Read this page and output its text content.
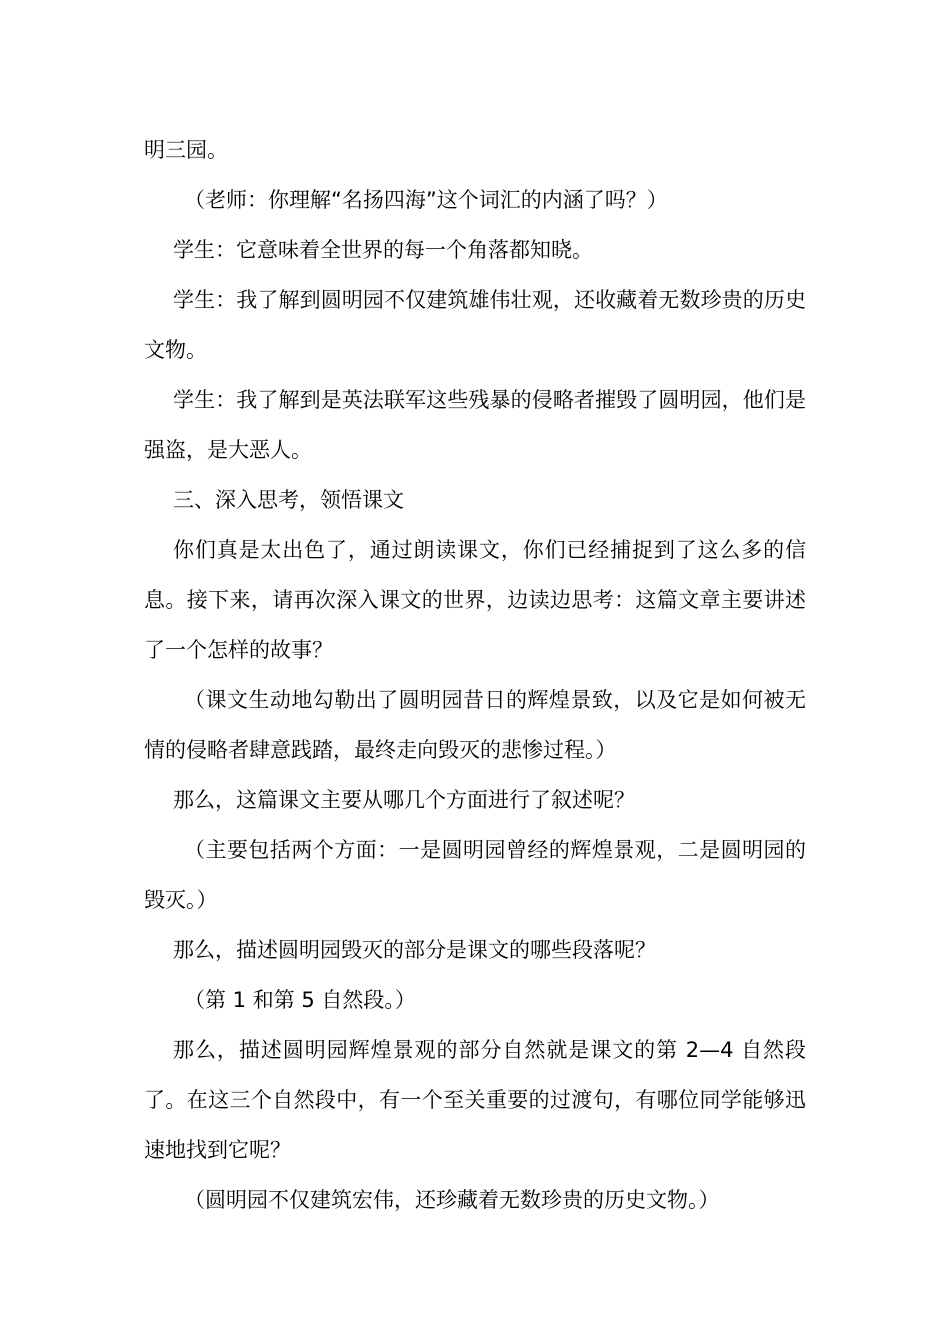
明三园。

（老师：你理解“名扬四海”这个词汇的内涵了吗？）

学生：它意味着全世界的每一个角落都知晓。

学生：我了解到圆明园不仅建筑雄伟壮观，还收藏着无数珍贵的历史文物。

学生：我了解到是英法联军这些残暴的侵略者摧毁了圆明园，他们是强盗，是大恶人。

三、深入思考，领悟课文

你们真是太出色了，通过朗读课文，你们已经捕捉到了这么多的信息。接下来，请再次深入课文的世界，边读边思考：这篇文章主要讲述了一个怎样的故事？

（课文生动地勾勒出了圆明园昔日的辉煌景致，以及它是如何被无情的侵略者肆意践踏，最终走向毁灭的悲惨过程。）

那么，这篇课文主要从哪几个方面进行了叙述呢？

（主要包括两个方面：一是圆明园曾经的辉煌景观，二是圆明园的毁灭。）

那么，描述圆明园毁灭的部分是课文的哪些段落呢？

（第 1 和第 5 自然段。）

那么，描述圆明园辉煌景观的部分自然就是课文的第 2—4 自然段了。在这三个自然段中，有一个至关重要的过渡句，有哪位同学能够迅速地找到它呢？

（圆明园不仅建筑宏伟，还珍藏着无数珍贵的历史文物。）
